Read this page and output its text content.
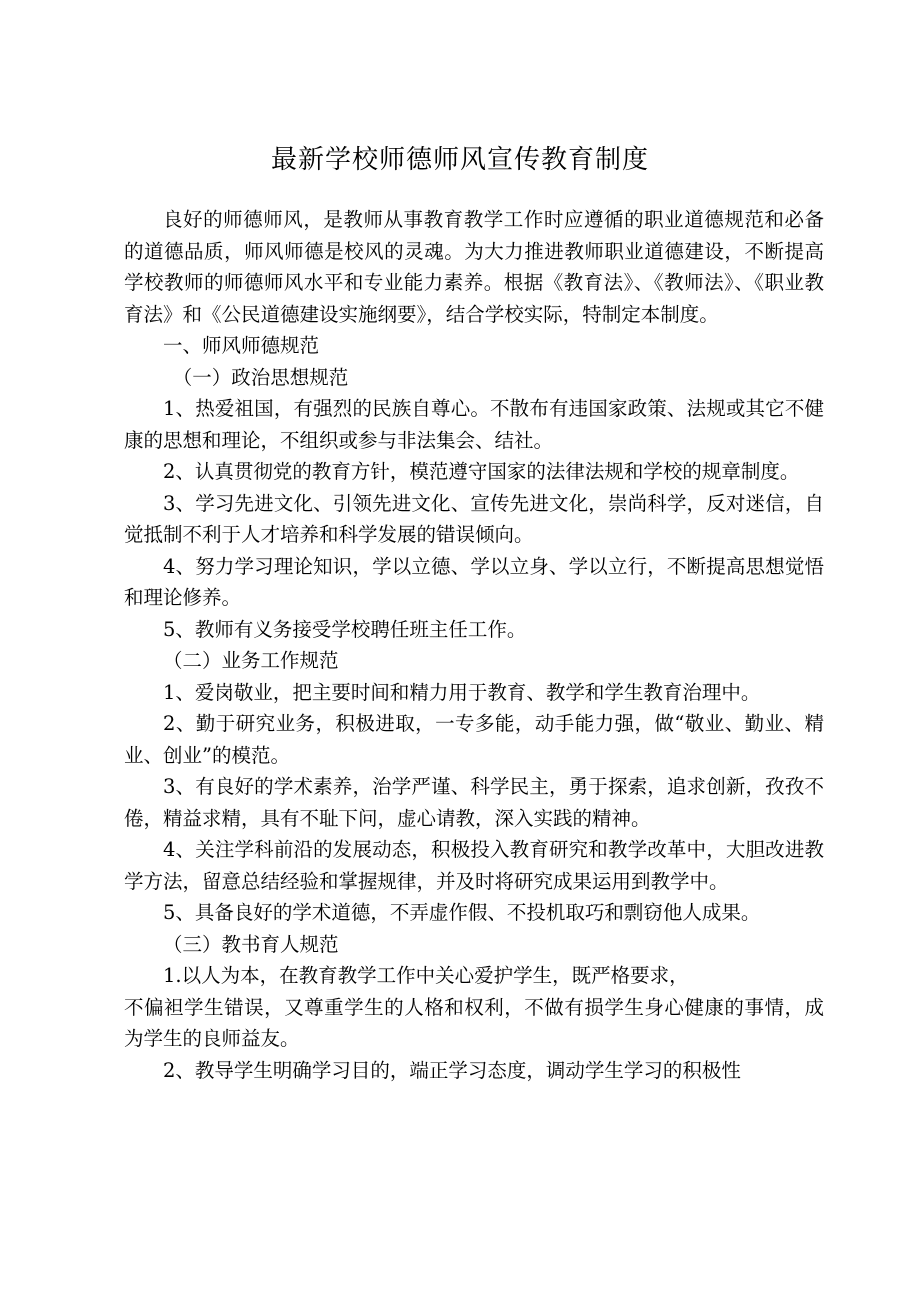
最新学校师德师风宣传教育制度

良好的师德师风，是教师从事教育教学工作时应遵循的职业道德规范和必备的道德品质，师风师德是校风的灵魂。为大力推进教师职业道德建设，不断提高学校教师的师德师风水平和专业能力素养。根据《教育法》、《教师法》、《职业教育法》和《公民道德建设实施纲要》，结合学校实际，特制定本制度。

一、师风师德规范

（一）政治思想规范

1、热爱祖国，有强烈的民族自尊心。不散布有违国家政策、法规或其它不健康的思想和理论，不组织或参与非法集会、结社。

2、认真贯彻党的教育方针，模范遵守国家的法律法规和学校的规章制度。

3、学习先进文化、引领先进文化、宣传先进文化，崇尚科学，反对迷信，自觉抵制不利于人才培养和科学发展的错误倾向。

4、努力学习理论知识，学以立德、学以立身、学以立行，不断提高思想觉悟和理论修养。

5、教师有义务接受学校聘任班主任工作。

（二）业务工作规范

1、爱岗敬业，把主要时间和精力用于教育、教学和学生教育治理中。

2、勤于研究业务，积极进取，一专多能，动手能力强，做“敬业、勤业、精业、创业”的模范。

3、有良好的学术素养，治学严谨、科学民主，勇于探索，追求创新，孜孜不倦，精益求精，具有不耻下问，虚心请教，深入实践的精神。

4、关注学科前沿的发展动态，积极投入教育研究和教学改革中，大胆改进教学方法，留意总结经验和掌握规律，并及时将研究成果运用到教学中。

5、具备良好的学术道德，不弄虚作假、不投机取巧和剽窃他人成果。

（三）教书育人规范

1.以人为本，在教育教学工作中关心爱护学生，既严格要求，

不偏袒学生错误，又尊重学生的人格和权利，不做有损学生身心健康的事情，成为学生的良师益友。

2、教导学生明确学习目的，端正学习态度，调动学生学习的积极性
